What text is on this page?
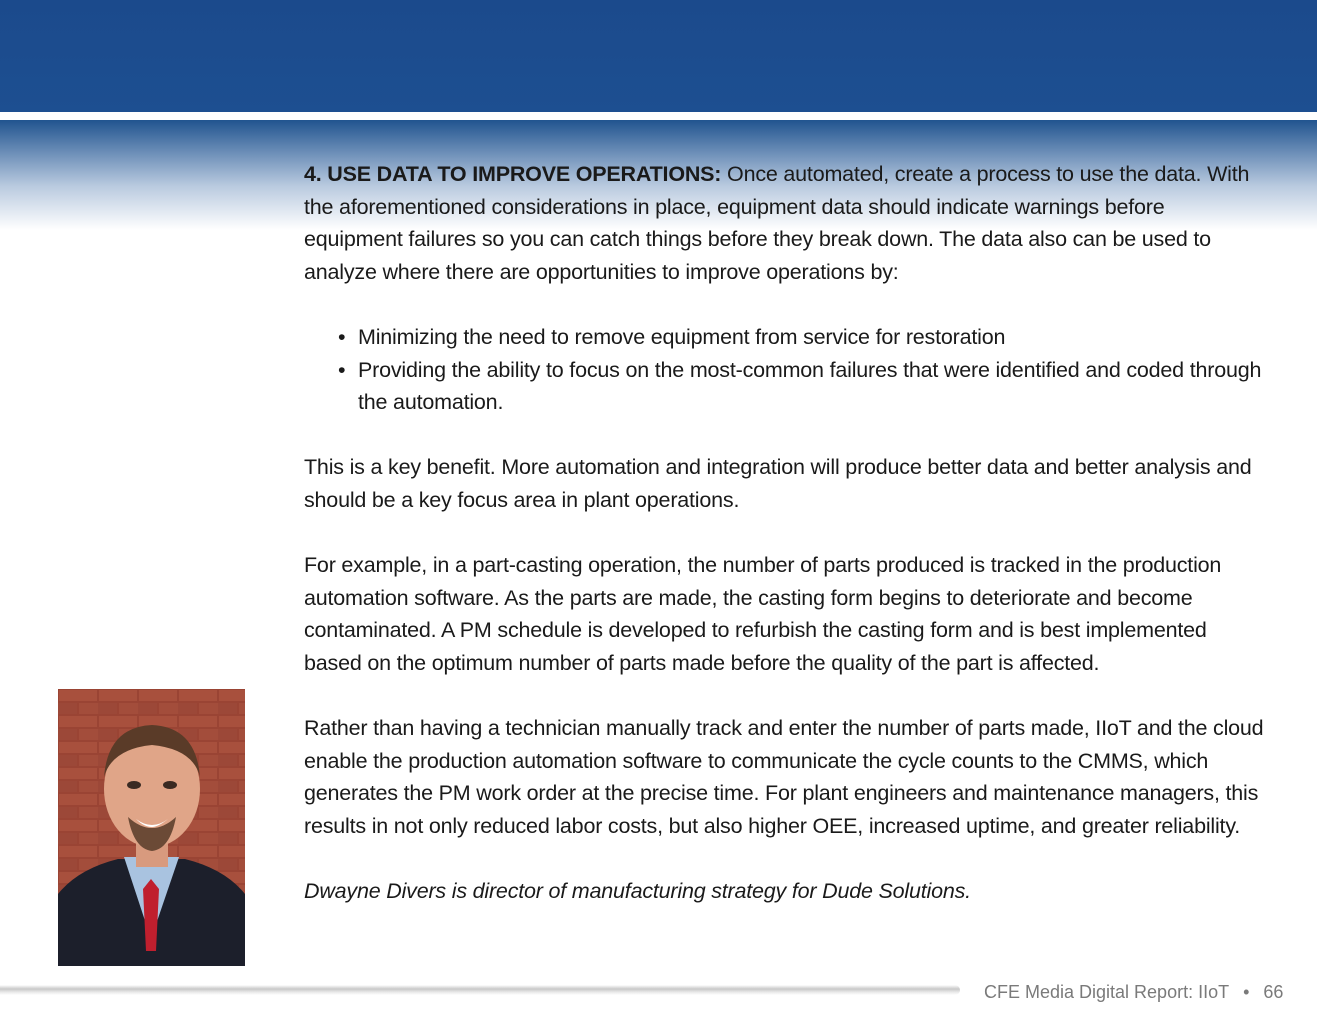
4. USE DATA TO IMPROVE OPERATIONS: Once automated, create a process to use the data. With the aforementioned considerations in place, equipment data should indicate warnings before equipment failures so you can catch things before they break down. The data also can be used to analyze where there are opportunities to improve operations by:

• Minimizing the need to remove equipment from service for restoration
• Providing the ability to focus on the most-common failures that were identified and coded through the automation.

This is a key benefit. More automation and integration will produce better data and better analysis and should be a key focus area in plant operations.

For example, in a part-casting operation, the number of parts produced is tracked in the production automation software. As the parts are made, the casting form begins to deteriorate and become contaminated. A PM schedule is developed to refurbish the casting form and is best implemented based on the optimum number of parts made before the quality of the part is affected.

Rather than having a technician manually track and enter the number of parts made, IIoT and the cloud enable the production automation software to communicate the cycle counts to the CMMS, which generates the PM work order at the precise time. For plant engineers and maintenance managers, this results in not only reduced labor costs, but also higher OEE, increased uptime, and greater reliability.

Dwayne Divers is director of manufacturing strategy for Dude Solutions.

CFE Media Digital Report: IIoT • 66
